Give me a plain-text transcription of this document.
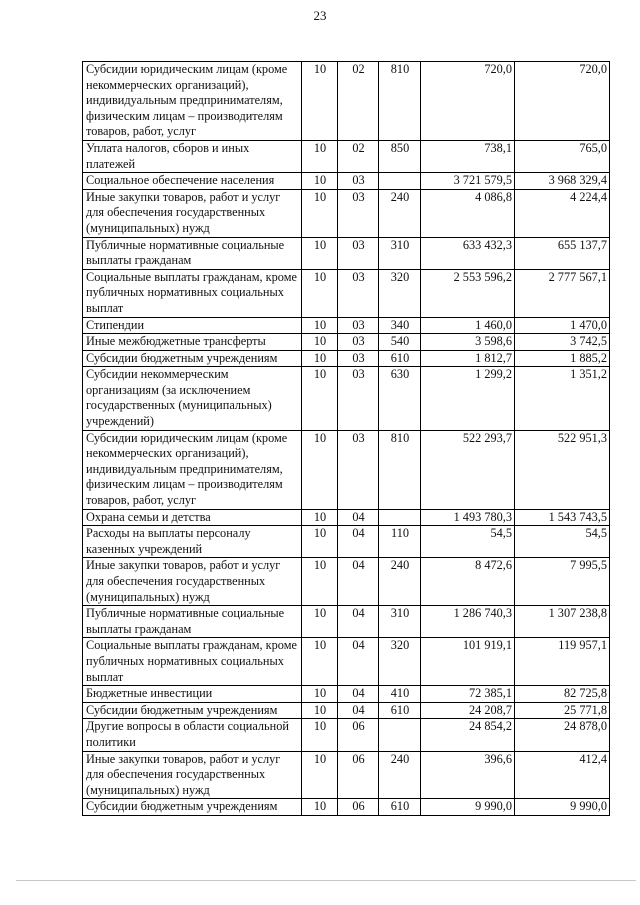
23
Субсидии юридическим лицам (кроме некоммерческих организаций), индивидуальным предпринимателям, физическим лицам – производителям товаров, работ, услуг	10	02	810	720,0	720,0
Уплата налогов, сборов и иных платежей	10	02	850	738,1	765,0
Социальное обеспечение населения	10	03		3 721 579,5	3 968 329,4
Иные закупки товаров, работ и услуг для обеспечения государственных (муниципальных) нужд	10	03	240	4 086,8	4 224,4
Публичные нормативные социальные выплаты гражданам	10	03	310	633 432,3	655 137,7
Социальные выплаты гражданам, кроме публичных нормативных социальных выплат	10	03	320	2 553 596,2	2 777 567,1
Стипендии	10	03	340	1 460,0	1 470,0
Иные межбюджетные трансферты	10	03	540	3 598,6	3 742,5
Субсидии бюджетным учреждениям	10	03	610	1 812,7	1 885,2
Субсидии некоммерческим организациям (за исключением государственных (муниципальных) учреждений)	10	03	630	1 299,2	1 351,2
Субсидии юридическим лицам (кроме некоммерческих организаций), индивидуальным предпринимателям, физическим лицам – производителям товаров, работ, услуг	10	03	810	522 293,7	522 951,3
Охрана семьи и детства	10	04		1 493 780,3	1 543 743,5
Расходы на выплаты персоналу казенных учреждений	10	04	110	54,5	54,5
Иные закупки товаров, работ и услуг для обеспечения государственных (муниципальных) нужд	10	04	240	8 472,6	7 995,5
Публичные нормативные социальные выплаты гражданам	10	04	310	1 286 740,3	1 307 238,8
Социальные выплаты гражданам, кроме публичных нормативных социальных выплат	10	04	320	101 919,1	119 957,1
Бюджетные инвестиции	10	04	410	72 385,1	82 725,8
Субсидии бюджетным учреждениям	10	04	610	24 208,7	25 771,8
Другие вопросы в области социальной политики	10	06		24 854,2	24 878,0
Иные закупки товаров, работ и услуг для обеспечения государственных (муниципальных) нужд	10	06	240	396,6	412,4
Субсидии бюджетным учреждениям	10	06	610	9 990,0	9 990,0
